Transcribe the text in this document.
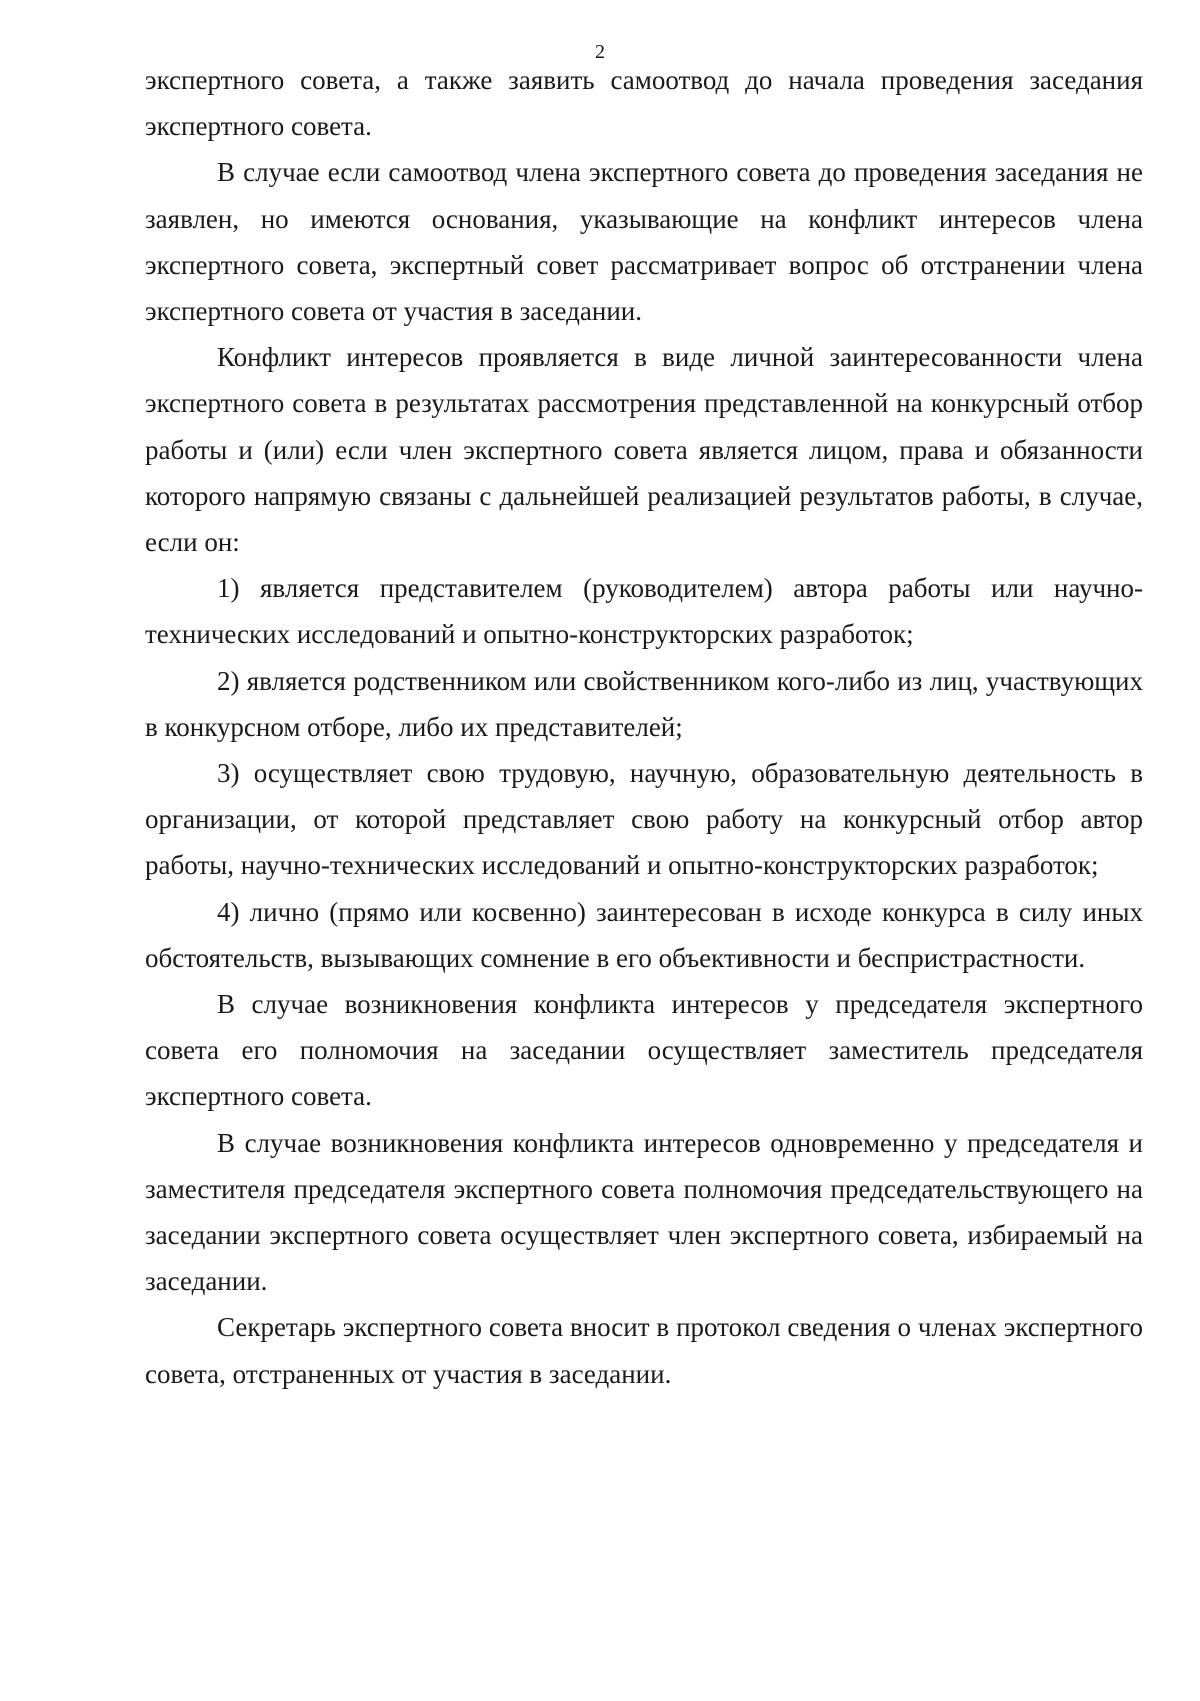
2

экспертного совета, а также заявить самоотвод до начала проведения заседания экспертного совета.

В случае если самоотвод члена экспертного совета до проведения заседания не заявлен, но имеются основания, указывающие на конфликт интересов члена экспертного совета, экспертный совет рассматривает вопрос об отстранении члена экспертного совета от участия в заседании.

Конфликт интересов проявляется в виде личной заинтересованности члена экспертного совета в результатах рассмотрения представленной на конкурсный отбор работы и (или) если член экспертного совета является лицом, права и обязанности которого напрямую связаны с дальнейшей реализацией результатов работы, в случае, если он:

1) является представителем (руководителем) автора работы или научно-технических исследований и опытно-конструкторских разработок;

2) является родственником или свойственником кого-либо из лиц, участвующих в конкурсном отборе, либо их представителей;

3) осуществляет свою трудовую, научную, образовательную деятельность в организации, от которой представляет свою работу на конкурсный отбор автор работы, научно-технических исследований и опытно-конструкторских разработок;

4) лично (прямо или косвенно) заинтересован в исходе конкурса в силу иных обстоятельств, вызывающих сомнение в его объективности и беспристрастности.

В случае возникновения конфликта интересов у председателя экспертного совета его полномочия на заседании осуществляет заместитель председателя экспертного совета.

В случае возникновения конфликта интересов одновременно у председателя и заместителя председателя экспертного совета полномочия председательствующего на заседании экспертного совета осуществляет член экспертного совета, избираемый на заседании.

Секретарь экспертного совета вносит в протокол сведения о членах экспертного совета, отстраненных от участия в заседании.
